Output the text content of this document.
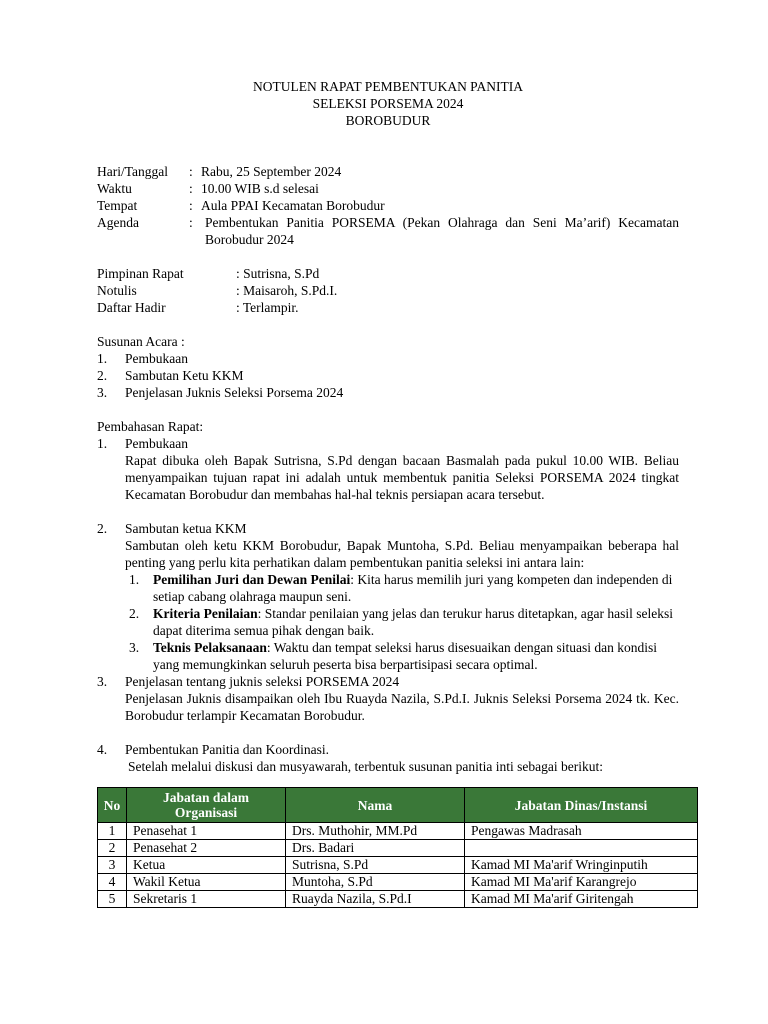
NOTULEN RAPAT PEMBENTUKAN PANITIA
SELEKSI PORSEMA 2024
BOROBUDUR
Hari/Tanggal	: Rabu, 25 September 2024
Waktu	: 10.00 WIB s.d selesai
Tempat	: Aula PPAI Kecamatan Borobudur
Agenda	: Pembentukan Panitia PORSEMA (Pekan Olahraga dan Seni Ma’arif) Kecamatan Borobudur 2024
Pimpinan Rapat	: Sutrisna, S.Pd
Notulis	: Maisaroh, S.Pd.I.
Daftar Hadir	: Terlampir.
Susunan Acara :
1.	Pembukaan
2.	Sambutan Ketu KKM
3.	Penjelasan Juknis Seleksi Porsema 2024
Pembahasan Rapat:
1.	Pembukaan
Rapat dibuka oleh Bapak Sutrisna, S.Pd dengan bacaan Basmalah pada pukul 10.00 WIB. Beliau menyampaikan tujuan rapat ini adalah untuk membentuk panitia Seleksi PORSEMA 2024 tingkat Kecamatan Borobudur dan membahas hal-hal teknis persiapan acara tersebut.
2.	Sambutan ketua KKM
Sambutan oleh ketu KKM Borobudur, Bapak Muntoha, S.Pd. Beliau menyampaikan beberapa hal penting yang perlu kita perhatikan dalam pembentukan panitia seleksi ini antara lain:
1.	Pemilihan Juri dan Dewan Penilai: Kita harus memilih juri yang kompeten dan independen di setiap cabang olahraga maupun seni.
2.	Kriteria Penilaian: Standar penilaian yang jelas dan terukur harus ditetapkan, agar hasil seleksi dapat diterima semua pihak dengan baik.
3.	Teknis Pelaksanaan: Waktu dan tempat seleksi harus disesuaikan dengan situasi dan kondisi yang memungkinkan seluruh peserta bisa berpartisipasi secara optimal.
3.	Penjelasan tentang juknis seleksi PORSEMA 2024
Penjelasan Juknis disampaikan oleh Ibu Ruayda Nazila, S.Pd.I. Juknis Seleksi Porsema 2024 tk. Kec. Borobudur terlampir Kecamatan Borobudur.
4.	Pembentukan Panitia dan Koordinasi.
Setelah melalui diskusi dan musyawarah, terbentuk susunan panitia inti sebagai berikut:
No	Jabatan dalam Organisasi	Nama	Jabatan Dinas/Instansi
1	Penasehat 1	Drs. Muthohir, MM.Pd	Pengawas Madrasah
2	Penasehat 2	Drs. Badari	
3	Ketua	Sutrisna, S.Pd	Kamad MI Ma'arif Wringinputih
4	Wakil Ketua	Muntoha, S.Pd	Kamad MI Ma'arif Karangrejo
5	Sekretaris 1	Ruayda Nazila, S.Pd.I	Kamad MI Ma'arif Giritengah
